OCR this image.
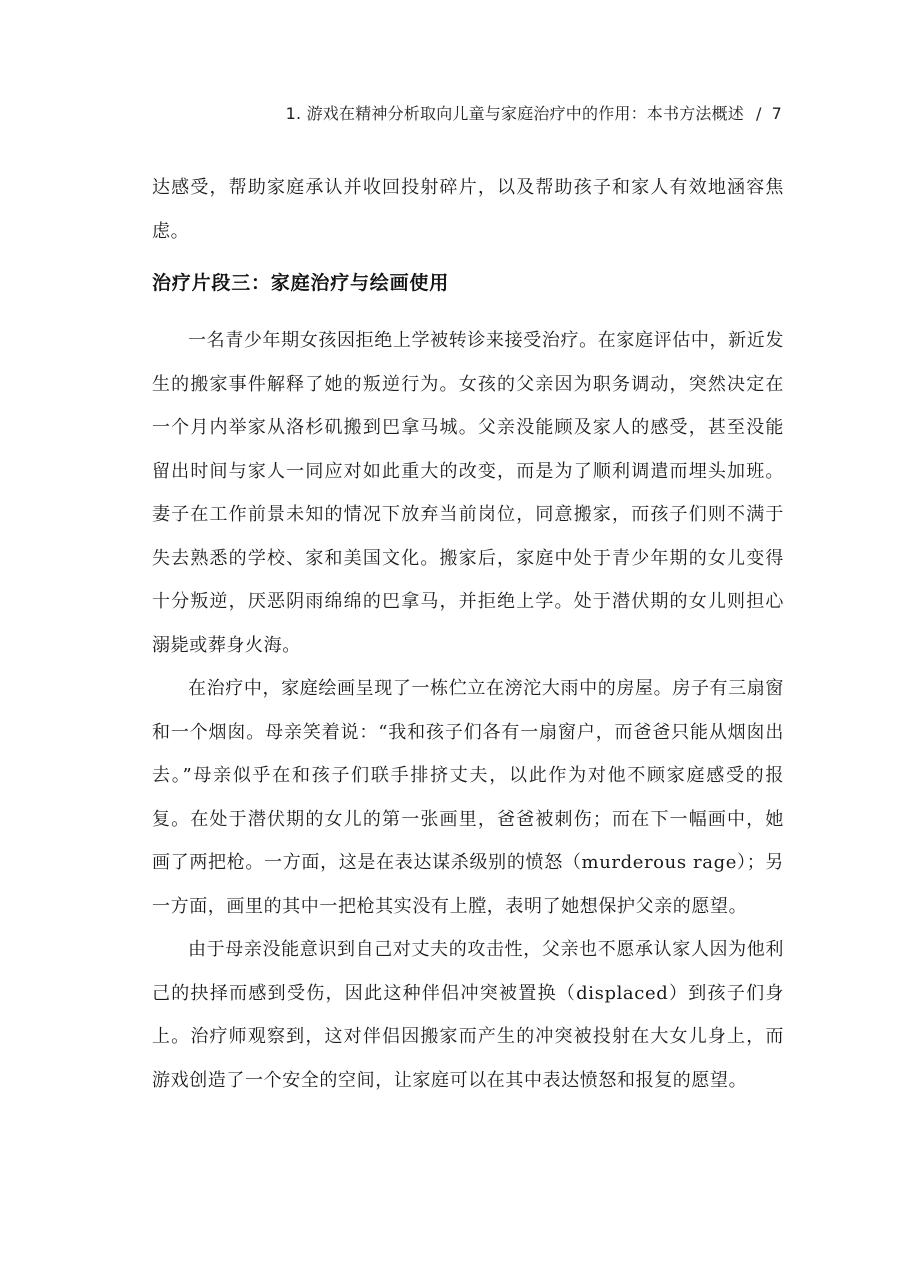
1. 游戏在精神分析取向儿童与家庭治疗中的作用：本书方法概述 / 7

达感受，帮助家庭承认并收回投射碎片，以及帮助孩子和家人有效地涵容焦虑。

治疗片段三：家庭治疗与绘画使用

一名青少年期女孩因拒绝上学被转诊来接受治疗。在家庭评估中，新近发生的搬家事件解释了她的叛逆行为。女孩的父亲因为职务调动，突然决定在一个月内举家从洛杉矶搬到巴拿马城。父亲没能顾及家人的感受，甚至没能留出时间与家人一同应对如此重大的改变，而是为了顺利调遣而埋头加班。妻子在工作前景未知的情况下放弃当前岗位，同意搬家，而孩子们则不满于失去熟悉的学校、家和美国文化。搬家后，家庭中处于青少年期的女儿变得十分叛逆，厌恶阴雨绵绵的巴拿马，并拒绝上学。处于潜伏期的女儿则担心溺毙或葬身火海。

在治疗中，家庭绘画呈现了一栋伫立在滂沱大雨中的房屋。房子有三扇窗和一个烟囱。母亲笑着说：“我和孩子们各有一扇窗户，而爸爸只能从烟囱出去。”母亲似乎在和孩子们联手排挤丈夫，以此作为对他不顾家庭感受的报复。在处于潜伏期的女儿的第一张画里，爸爸被刺伤；而在下一幅画中，她画了两把枪。一方面，这是在表达谋杀级别的愤怒（murderous rage）；另一方面，画里的其中一把枪其实没有上膛，表明了她想保护父亲的愿望。

由于母亲没能意识到自己对丈夫的攻击性，父亲也不愿承认家人因为他利己的抉择而感到受伤，因此这种伴侣冲突被置换（displaced）到孩子们身上。治疗师观察到，这对伴侣因搬家而产生的冲突被投射在大女儿身上，而游戏创造了一个安全的空间，让家庭可以在其中表达愤怒和报复的愿望。
